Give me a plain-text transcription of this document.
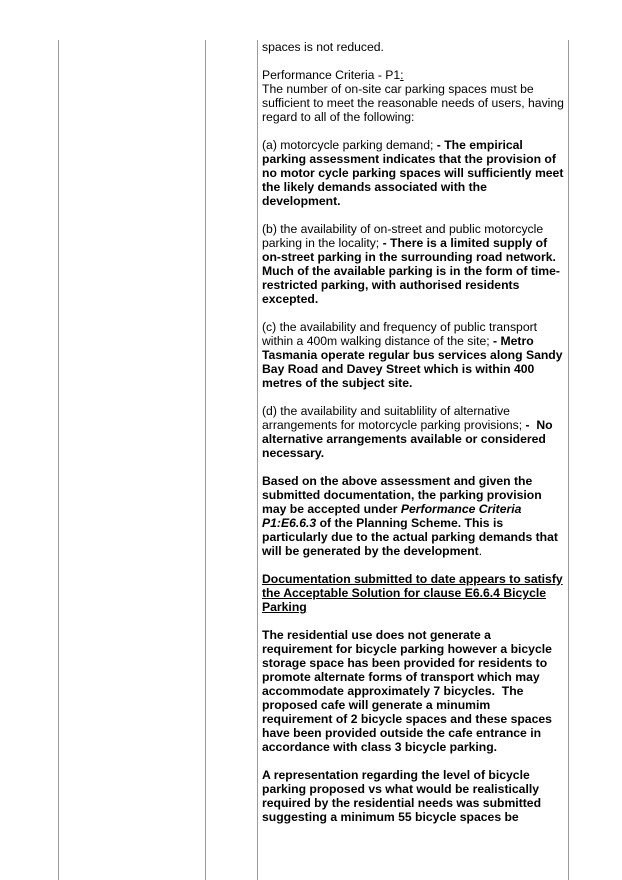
spaces is not reduced.

Performance Criteria - P1:
The number of on-site car parking spaces must be sufficient to meet the reasonable needs of users, having regard to all of the following:

(a) motorcycle parking demand; - The empirical parking assessment indicates that the provision of no motor cycle parking spaces will sufficiently meet the likely demands associated with the development.

(b) the availability of on-street and public motorcycle parking in the locality; - There is a limited supply of on-street parking in the surrounding road network. Much of the available parking is in the form of time-restricted parking, with authorised residents excepted.

(c) the availability and frequency of public transport within a 400m walking distance of the site; - Metro Tasmania operate regular bus services along Sandy Bay Road and Davey Street which is within 400 metres of the subject site.

(d) the availability and suitablility of alternative arrangements for motorcycle parking provisions; -  No alternative arrangements available or considered necessary.

Based on the above assessment and given the submitted documentation, the parking provision may be accepted under Performance Criteria P1:E6.6.3 of the Planning Scheme. This is particularly due to the actual parking demands that will be generated by the development.

Documentation submitted to date appears to satisfy the Acceptable Solution for clause E6.6.4 Bicycle Parking

The residential use does not generate a requirement for bicycle parking however a bicycle storage space has been provided for residents to promote alternate forms of transport which may accommodate approximately 7 bicycles.  The proposed cafe will generate a minumim requirement of 2 bicycle spaces and these spaces have been provided outside the cafe entrance in accordance with class 3 bicycle parking.

A representation regarding the level of bicycle parking proposed vs what would be realistically required by the residential needs was submitted suggesting a minimum 55 bicycle spaces be
